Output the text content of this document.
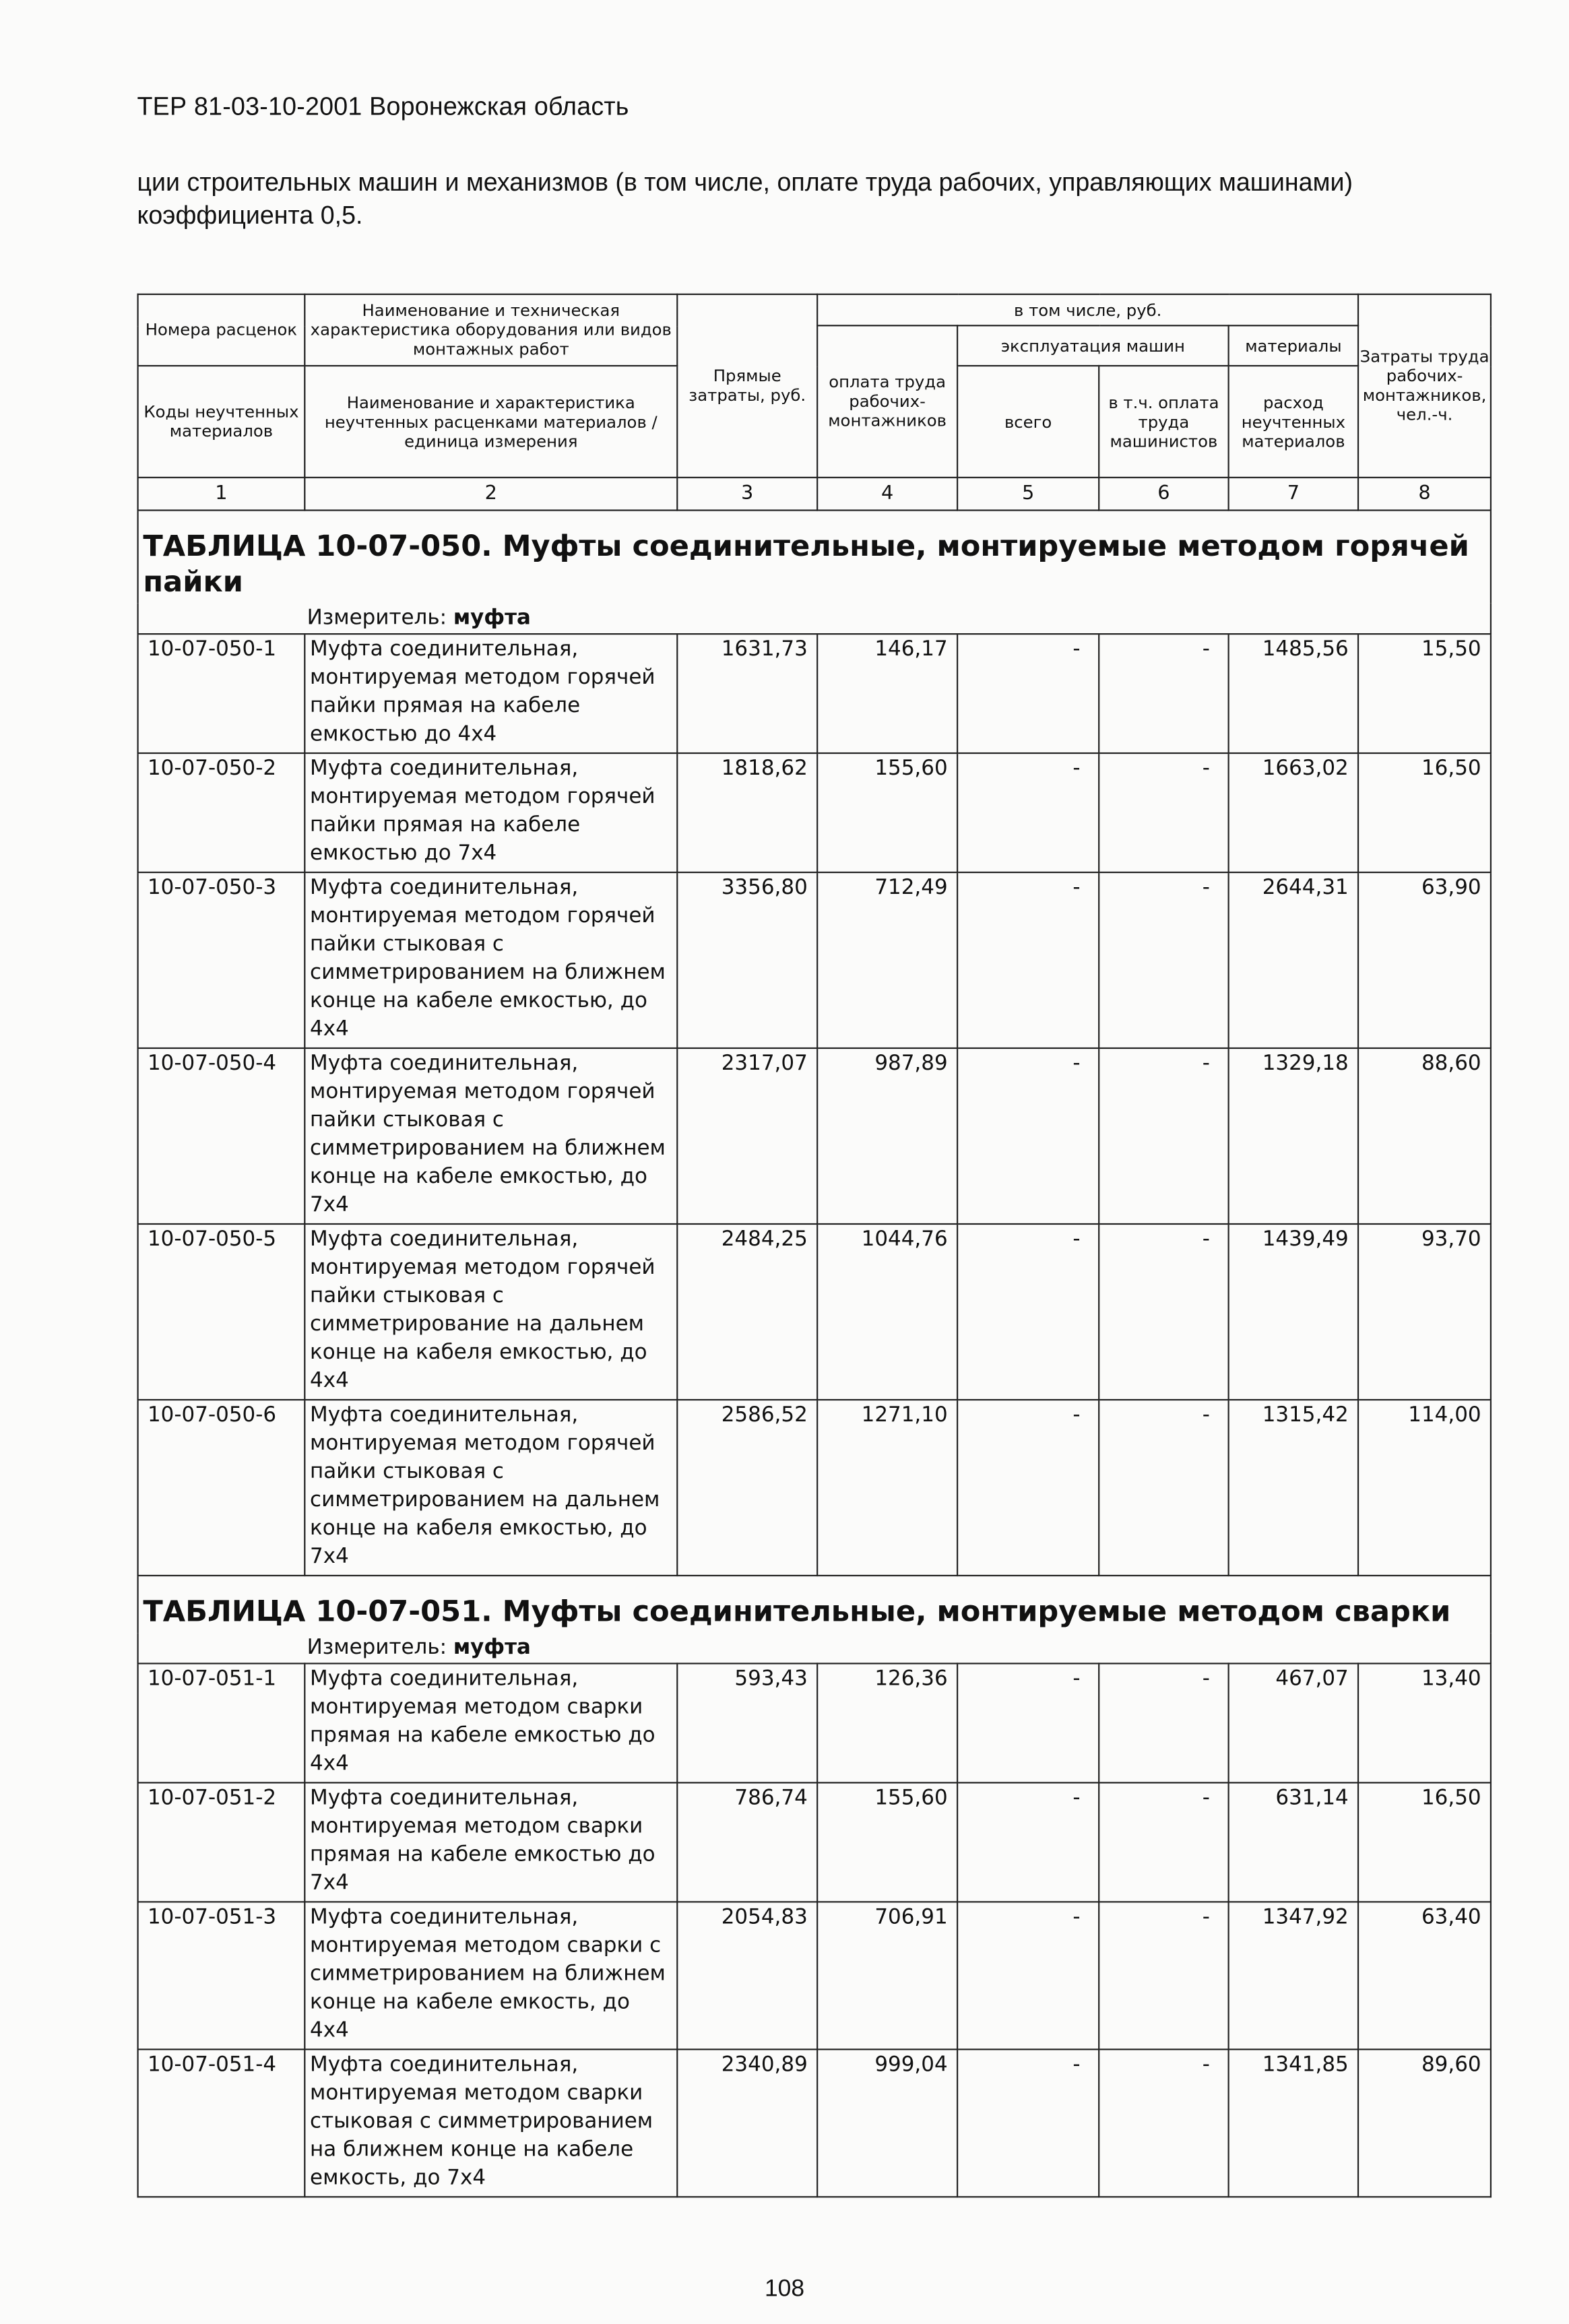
ТЕР 81-03-10-2001 Воронежская область
ции строительных машин и механизмов (в том числе, оплате труда рабочих, управляющих машинами) коэффициента 0,5.
Номера расценок	Наименование и техническая характеристика оборудования или видов монтажных работ	Прямые затраты, руб.	в том числе, руб.				Затраты труда рабочих-монтажников, чел.-ч.
			оплата труда рабочих-монтажников	эксплуатация машин		материалы	
Коды неучтенных материалов	Наименование и характеристика неучтенных расценками материалов / единица измерения			всего	в т.ч. оплата труда машинистов	расход неучтенных материалов	

1	2	3	4	5	6	7	8
ТАБЛИЦА 10-07-050. Муфты соединительные, монтируемые методом горячей пайки							
Измеритель: муфта							
10-07-050-1	Муфта соединительная, монтируемая методом горячей пайки прямая на кабеле емкостью до 4х4	1631,73	146,17	-	-	1485,56	15,50
10-07-050-2	Муфта соединительная, монтируемая методом горячей пайки прямая на кабеле емкостью до 7х4	1818,62	155,60	-	-	1663,02	16,50
10-07-050-3	Муфта соединительная, монтируемая методом горячей пайки стыковая с симметрированием на ближнем конце на кабеле емкостью, до 4х4	3356,80	712,49	-	-	2644,31	63,90
10-07-050-4	Муфта соединительная, монтируемая методом горячей пайки стыковая с симметрированием на ближнем конце на кабеле емкостью, до 7х4	2317,07	987,89	-	-	1329,18	88,60
10-07-050-5	Муфта соединительная, монтируемая методом горячей пайки стыковая с симметрирование на дальнем конце на кабеля емкостью, до 4х4	2484,25	1044,76	-	-	1439,49	93,70
10-07-050-6	Муфта соединительная, монтируемая методом горячей пайки стыковая с симметрированием на дальнем конце на кабеля емкостью, до 7х4	2586,52	1271,10	-	-	1315,42	114,00
ТАБЛИЦА 10-07-051. Муфты соединительные, монтируемые методом сварки							
Измеритель: муфта							
10-07-051-1	Муфта соединительная, монтируемая методом сварки прямая на кабеле емкостью до 4х4	593,43	126,36	-	-	467,07	13,40
10-07-051-2	Муфта соединительная, монтируемая методом сварки прямая на кабеле емкостью до 7х4	786,74	155,60	-	-	631,14	16,50
10-07-051-3	Муфта соединительная, монтируемая методом сварки с симметрированием на ближнем конце на кабеле емкость, до 4х4	2054,83	706,91	-	-	1347,92	63,40
10-07-051-4	Муфта соединительная, монтируемая методом сварки стыковая с симметрированием на ближнем конце на кабеле емкость, до 7х4	2340,89	999,04	-	-	1341,85	89,60
108
